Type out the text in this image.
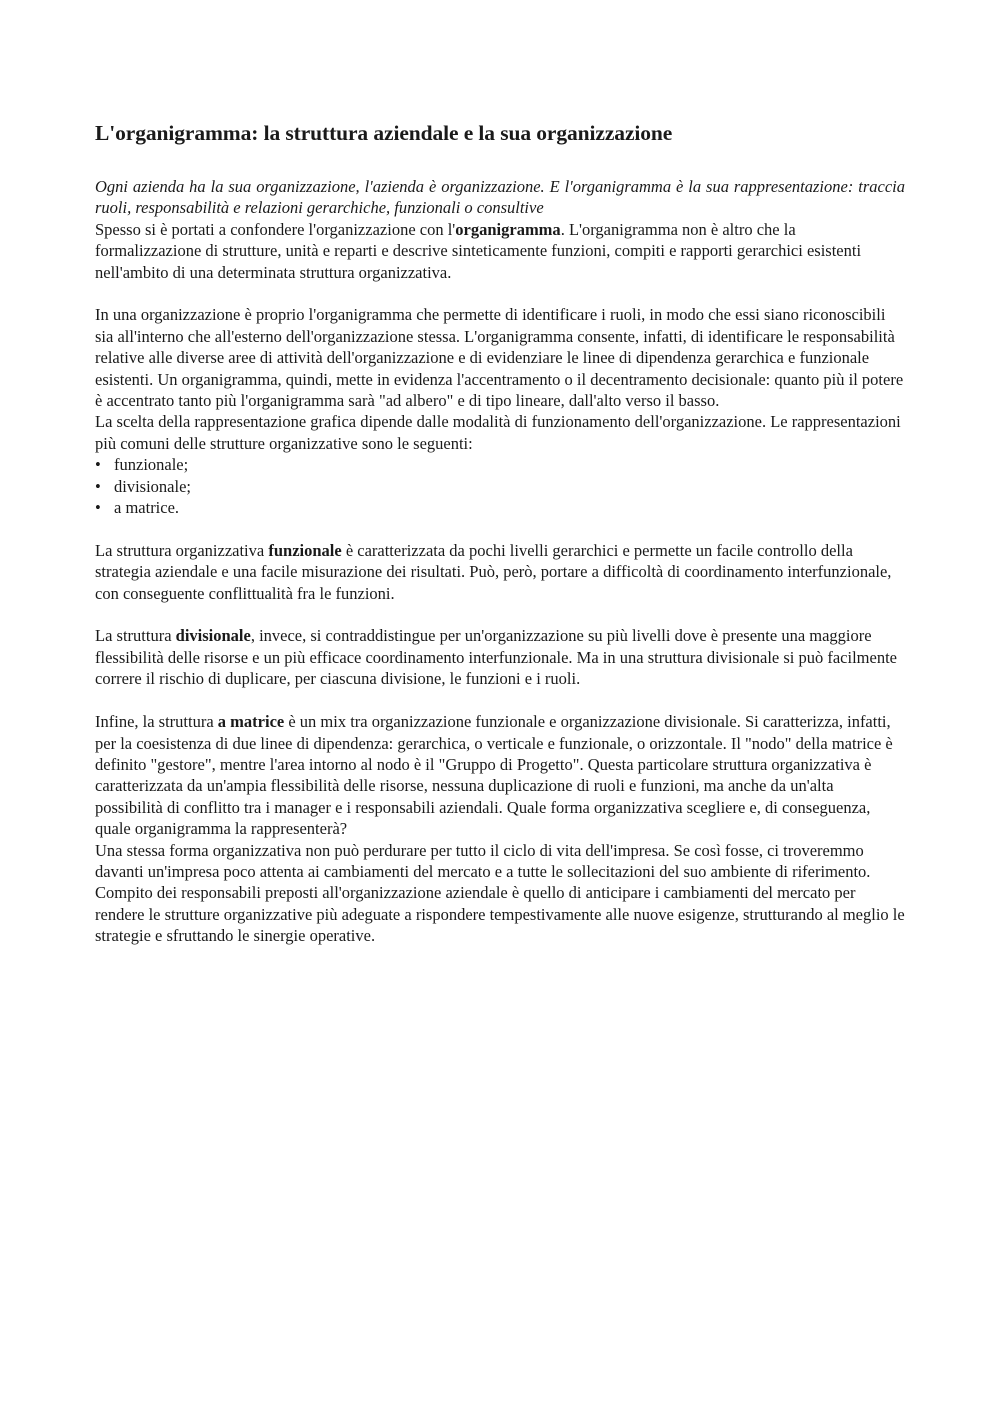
L'organigramma: la struttura aziendale e la sua organizzazione

Ogni azienda ha la sua organizzazione, l'azienda è organizzazione. E l'organigramma è la sua rappresentazione: traccia ruoli, responsabilità e relazioni gerarchiche, funzionali o consultive

Spesso si è portati a confondere l'organizzazione con l'organigramma. L'organigramma non è altro che la formalizzazione di strutture, unità e reparti e descrive sinteticamente funzioni, compiti e rapporti gerarchici esistenti nell'ambito di una determinata struttura organizzativa.

In una organizzazione è proprio l'organigramma che permette di identificare i ruoli, in modo che essi siano riconoscibili sia all'interno che all'esterno dell'organizzazione stessa. L'organigramma consente, infatti, di identificare le responsabilità relative alle diverse aree di attività dell'organizzazione e di evidenziare le linee di dipendenza gerarchica e funzionale esistenti. Un organigramma, quindi, mette in evidenza l'accentramento o il decentramento decisionale: quanto più il potere è accentrato tanto più l'organigramma sarà "ad albero" e di tipo lineare, dall'alto verso il basso.

La scelta della rappresentazione grafica dipende dalle modalità di funzionamento dell'organizzazione. Le rappresentazioni più comuni delle strutture organizzative sono le seguenti:

• funzionale;
• divisionale;
• a matrice.

La struttura organizzativa funzionale è caratterizzata da pochi livelli gerarchici e permette un facile controllo della strategia aziendale e una facile misurazione dei risultati. Può, però, portare a difficoltà di coordinamento interfunzionale, con conseguente conflittualità fra le funzioni.

La struttura divisionale, invece, si contraddistingue per un'organizzazione su più livelli dove è presente una maggiore flessibilità delle risorse e un più efficace coordinamento interfunzionale. Ma in una struttura divisionale si può facilmente correre il rischio di duplicare, per ciascuna divisione, le funzioni e i ruoli.

Infine, la struttura a matrice è un mix tra organizzazione funzionale e organizzazione divisionale. Si caratterizza, infatti, per la coesistenza di due linee di dipendenza: gerarchica, o verticale e funzionale, o orizzontale. Il "nodo" della matrice è definito "gestore", mentre l'area intorno al nodo è il "Gruppo di Progetto". Questa particolare struttura organizzativa è caratterizzata da un'ampia flessibilità delle risorse, nessuna duplicazione di ruoli e funzioni, ma anche da un'alta possibilità di conflitto tra i manager e i responsabili aziendali. Quale forma organizzativa scegliere e, di conseguenza, quale organigramma la rappresenterà?

Una stessa forma organizzativa non può perdurare per tutto il ciclo di vita dell'impresa. Se così fosse, ci troveremmo davanti un'impresa poco attenta ai cambiamenti del mercato e a tutte le sollecitazioni del suo ambiente di riferimento. Compito dei responsabili preposti all'organizzazione aziendale è quello di anticipare i cambiamenti del mercato per rendere le strutture organizzative più adeguate a rispondere tempestivamente alle nuove esigenze, strutturando al meglio le strategie e sfruttando le sinergie operative.
